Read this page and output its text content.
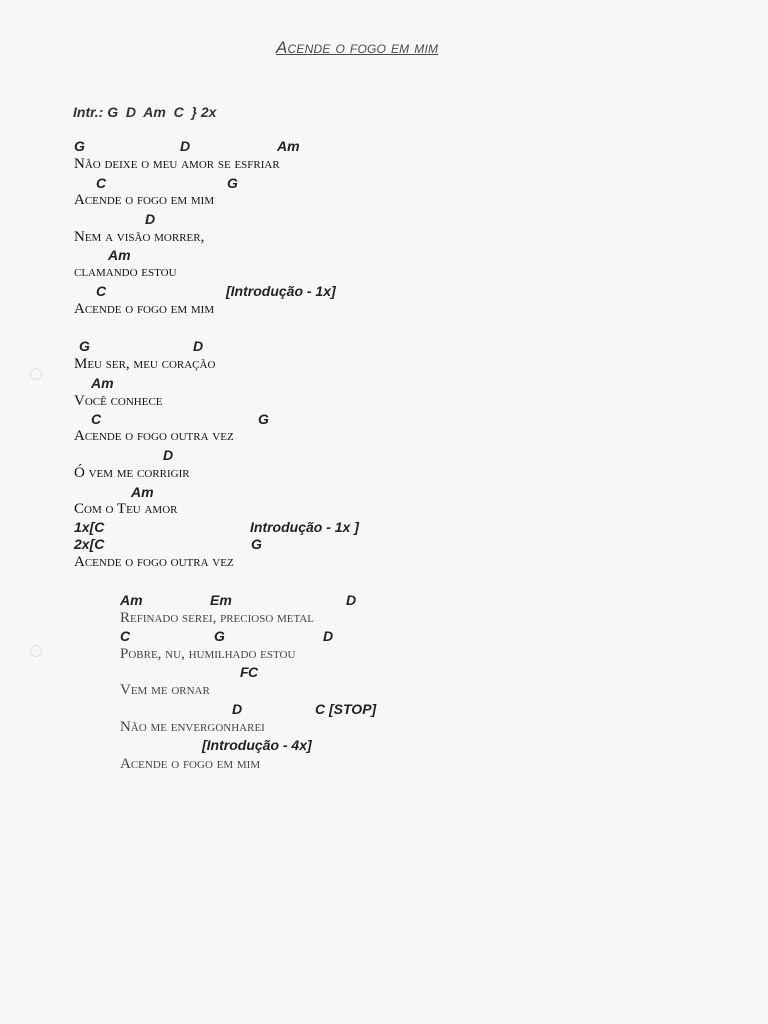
Acende o fogo em mim
Intr.: G  D  Am  C  } 2x

G

	D

	Am

Não deixe o meu amor se esfriar

C

	G

Acende o fogo em mim

D

Nem a visão morrer,

Am

clamando estou

C

	[Introdução - 1x]

Acende o fogo em mim

G

	D

Meu ser, meu coração

Am

Você conhece

C

	G

Acende o fogo outra vez

D

Ó vem me corrigir

Am

Com o Teu amor

1x[C

	Introdução - 1x ]

2x[C

	G

Acende o fogo outra vez

Am

	Em

	D

Refinado serei, precioso metal

C

	G

	D

Pobre, nu, humilhado estou

F

C

Vem me ornar

D

	C [STOP]

Não me envergonharei

[Introdução - 4x]

Acende o fogo em mim
